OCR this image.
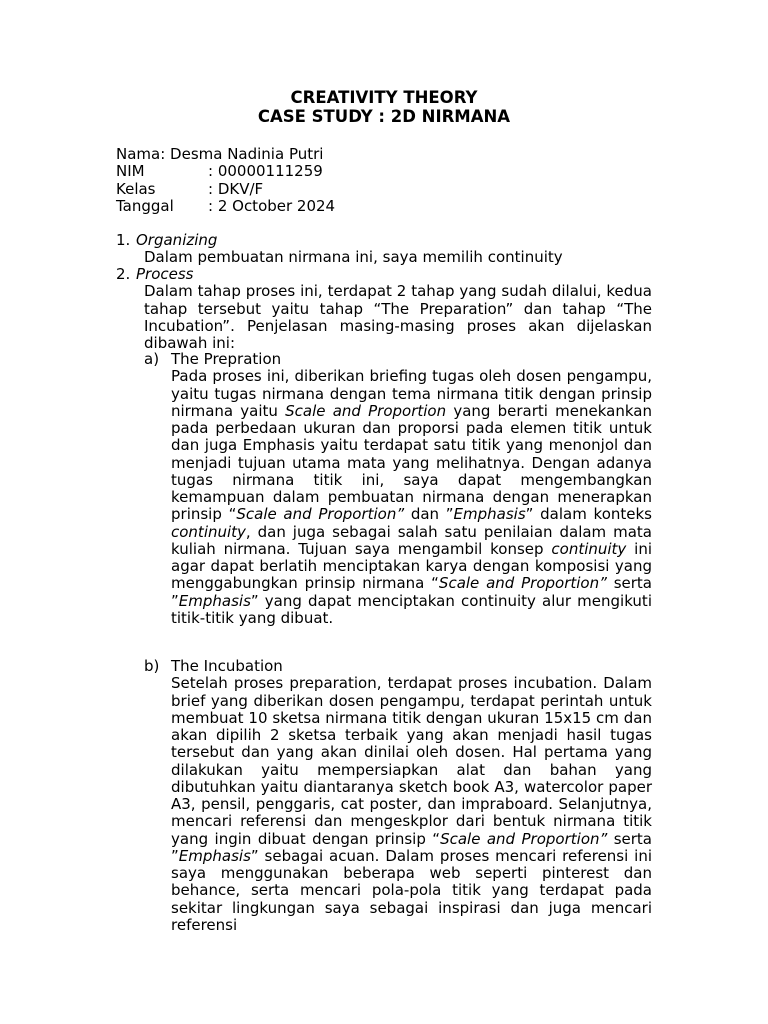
CREATIVITY THEORY
CASE STUDY : 2D NIRMANA
Nama: Desma Nadinia Putri
NIM	: 00000111259
Kelas	: DKV/F
Tanggal : 2 October 2024
1. Organizing
Dalam pembuatan nirmana ini, saya memilih continuity
2. Process
Dalam tahap proses ini, terdapat 2 tahap yang sudah dilalui, kedua tahap tersebut yaitu tahap “The Preparation” dan tahap “The Incubation”. Penjelasan masing-masing proses akan dijelaskan dibawah ini:
a) The Prepration
Pada proses ini, diberikan briefing tugas oleh dosen pengampu, yaitu tugas nirmana dengan tema nirmana titik dengan prinsip nirmana yaitu Scale and Proportion yang berarti menekankan pada perbedaan ukuran dan proporsi pada elemen titik untuk dan juga Emphasis yaitu terdapat satu titik yang menonjol dan menjadi tujuan utama mata yang melihatnya. Dengan adanya tugas nirmana titik ini, saya dapat mengembangkan kemampuan dalam pembuatan nirmana dengan menerapkan prinsip “Scale and Proportion” dan ”Emphasis” dalam konteks continuity, dan juga sebagai salah satu penilaian dalam mata kuliah nirmana. Tujuan saya mengambil konsep continuity ini agar dapat berlatih menciptakan karya dengan komposisi yang menggabungkan prinsip nirmana “Scale and Proportion” serta ”Emphasis” yang dapat menciptakan continuity alur mengikuti titik-titik yang dibuat.
b) The Incubation
Setelah proses preparation, terdapat proses incubation. Dalam brief yang diberikan dosen pengampu, terdapat perintah untuk membuat 10 sketsa nirmana titik dengan ukuran 15x15 cm dan akan dipilih 2 sketsa terbaik yang akan menjadi hasil tugas tersebut dan yang akan dinilai oleh dosen. Hal pertama yang dilakukan yaitu mempersiapkan alat dan bahan yang dibutuhkan yaitu diantaranya sketch book A3, watercolor paper A3, pensil, penggaris, cat poster, dan impraboard. Selanjutnya, mencari referensi dan mengeskplor dari bentuk nirmana titik yang ingin dibuat dengan prinsip “Scale and Proportion” serta ”Emphasis” sebagai acuan. Dalam proses mencari referensi ini saya menggunakan beberapa web seperti pinterest dan behance, serta mencari pola-pola titik yang terdapat pada sekitar lingkungan saya sebagai inspirasi dan juga mencari referensi
